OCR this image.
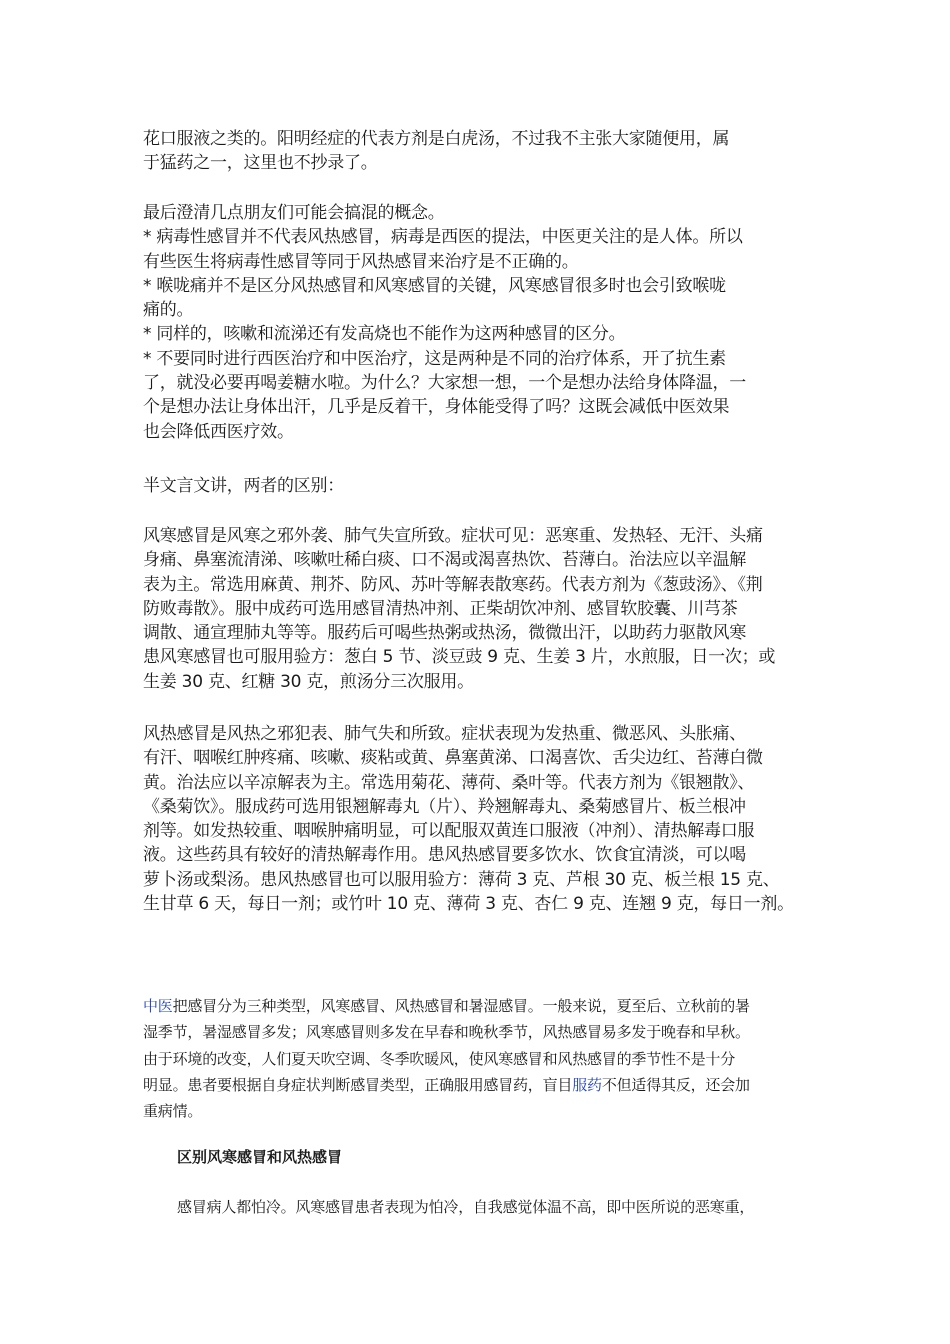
花口服液之类的。阳明经症的代表方剂是白虎汤，不过我不主张大家随便用，属
于猛药之一，这里也不抄录了。
最后澄清几点朋友们可能会搞混的概念。
* 病毒性感冒并不代表风热感冒，病毒是西医的提法，中医更关注的是人体。所以
有些医生将病毒性感冒等同于风热感冒来治疗是不正确的。
* 喉咙痛并不是区分风热感冒和风寒感冒的关键，风寒感冒很多时也会引致喉咙
痛的。
* 同样的，咳嗽和流涕还有发高烧也不能作为这两种感冒的区分。
* 不要同时进行西医治疗和中医治疗，这是两种是不同的治疗体系，开了抗生素
了，就没必要再喝姜糖水啦。为什么？大家想一想，一个是想办法给身体降温，一
个是想办法让身体出汗，几乎是反着干，身体能受得了吗？这既会减低中医效果
也会降低西医疗效。
半文言文讲，两者的区别：
风寒感冒是风寒之邪外袭、肺气失宣所致。症状可见：恶寒重、发热轻、无汗、头痛
身痛、鼻塞流清涕、咳嗽吐稀白痰、口不渴或渴喜热饮、苔薄白。治法应以辛温解
表为主。常选用麻黄、荆芥、防风、苏叶等解表散寒药。代表方剂为《葱豉汤》、《荆
防败毒散》。服中成药可选用感冒清热冲剂、正柴胡饮冲剂、感冒软胶囊、川芎茶
调散、通宣理肺丸等等。服药后可喝些热粥或热汤，微微出汗，以助药力驱散风寒
患风寒感冒也可服用验方：葱白 5 节、淡豆豉 9 克、生姜 3 片，水煎服，日一次；或
生姜 30 克、红糖 30 克，煎汤分三次服用。
风热感冒是风热之邪犯表、肺气失和所致。症状表现为发热重、微恶风、头胀痛、
有汗、咽喉红肿疼痛、咳嗽、痰粘或黄、鼻塞黄涕、口渴喜饮、舌尖边红、苔薄白微
黄。治法应以辛凉解表为主。常选用菊花、薄荷、桑叶等。代表方剂为《银翘散》、
《桑菊饮》。服成药可选用银翘解毒丸（片）、羚翘解毒丸、桑菊感冒片、板兰根冲
剂等。如发热较重、咽喉肿痛明显，可以配服双黄连口服液（冲剂）、清热解毒口服
液。这些药具有较好的清热解毒作用。患风热感冒要多饮水、饮食宜清淡，可以喝
萝卜汤或梨汤。患风热感冒也可以服用验方：薄荷 3 克、芦根 30 克、板兰根 15 克、
生甘草 6 天，每日一剂；或竹叶 10 克、薄荷 3 克、杏仁 9 克、连翘 9 克，每日一剂。
中医把感冒分为三种类型，风寒感冒、风热感冒和暑湿感冒。一般来说，夏至后、立秋前的暑
湿季节，暑湿感冒多发；风寒感冒则多发在早春和晚秋季节，风热感冒易多发于晚春和早秋。
由于环境的改变，人们夏天吹空调、冬季吹暖风，使风寒感冒和风热感冒的季节性不是十分
明显。患者要根据自身症状判断感冒类型，正确服用感冒药，盲目服药不但适得其反，还会加
重病情。
区别风寒感冒和风热感冒
感冒病人都怕冷。风寒感冒患者表现为怕冷，自我感觉体温不高，即中医所说的恶寒重，
